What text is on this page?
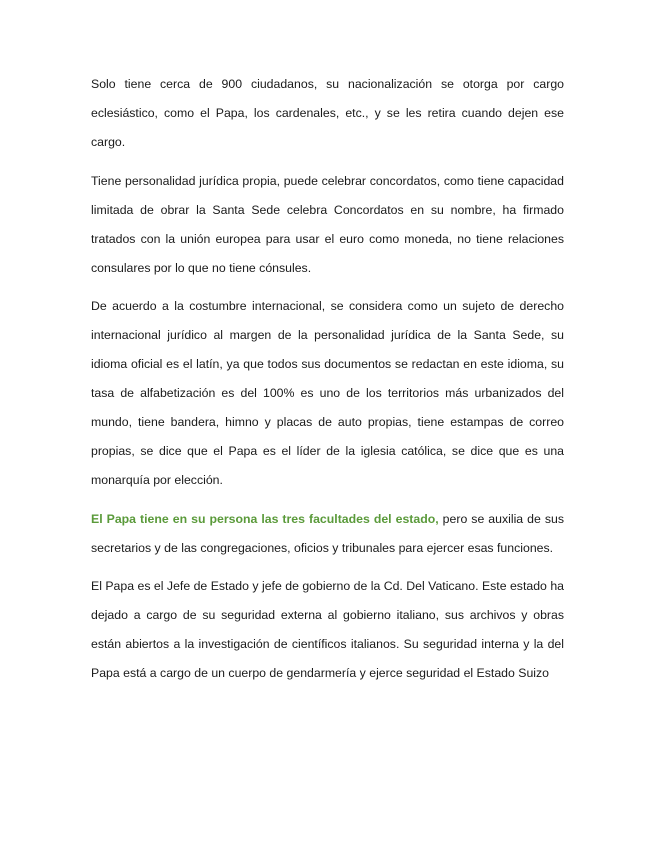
Solo tiene cerca de 900 ciudadanos, su nacionalización se otorga por cargo eclesiástico, como el Papa, los cardenales, etc., y se les retira cuando dejen ese cargo.

Tiene personalidad jurídica propia, puede celebrar concordatos, como tiene capacidad limitada de obrar la Santa Sede celebra Concordatos en su nombre, ha firmado tratados con la unión europea para usar el euro como moneda, no tiene relaciones consulares por lo que no tiene cónsules.

De acuerdo a la costumbre internacional, se considera como un sujeto de derecho internacional jurídico al margen de la personalidad jurídica de la Santa Sede, su idioma oficial es el latín, ya que todos sus documentos se redactan en este idioma, su tasa de alfabetización es del 100% es uno de los territorios más urbanizados del mundo, tiene bandera, himno y placas de auto propias, tiene estampas de correo propias, se dice que el Papa es el líder de la iglesia católica, se dice que es una monarquía por elección.

El Papa tiene en su persona las tres facultades del estado, pero se auxilia de sus secretarios y de las congregaciones, oficios y tribunales para ejercer esas funciones.

El Papa es el Jefe de Estado y jefe de gobierno de la Cd. Del Vaticano. Este estado ha dejado a cargo de su seguridad externa al gobierno italiano, sus archivos y obras están abiertos a la investigación de científicos italianos. Su seguridad interna y la del Papa está a cargo de un cuerpo de gendarmería y ejerce seguridad el Estado Suizo
